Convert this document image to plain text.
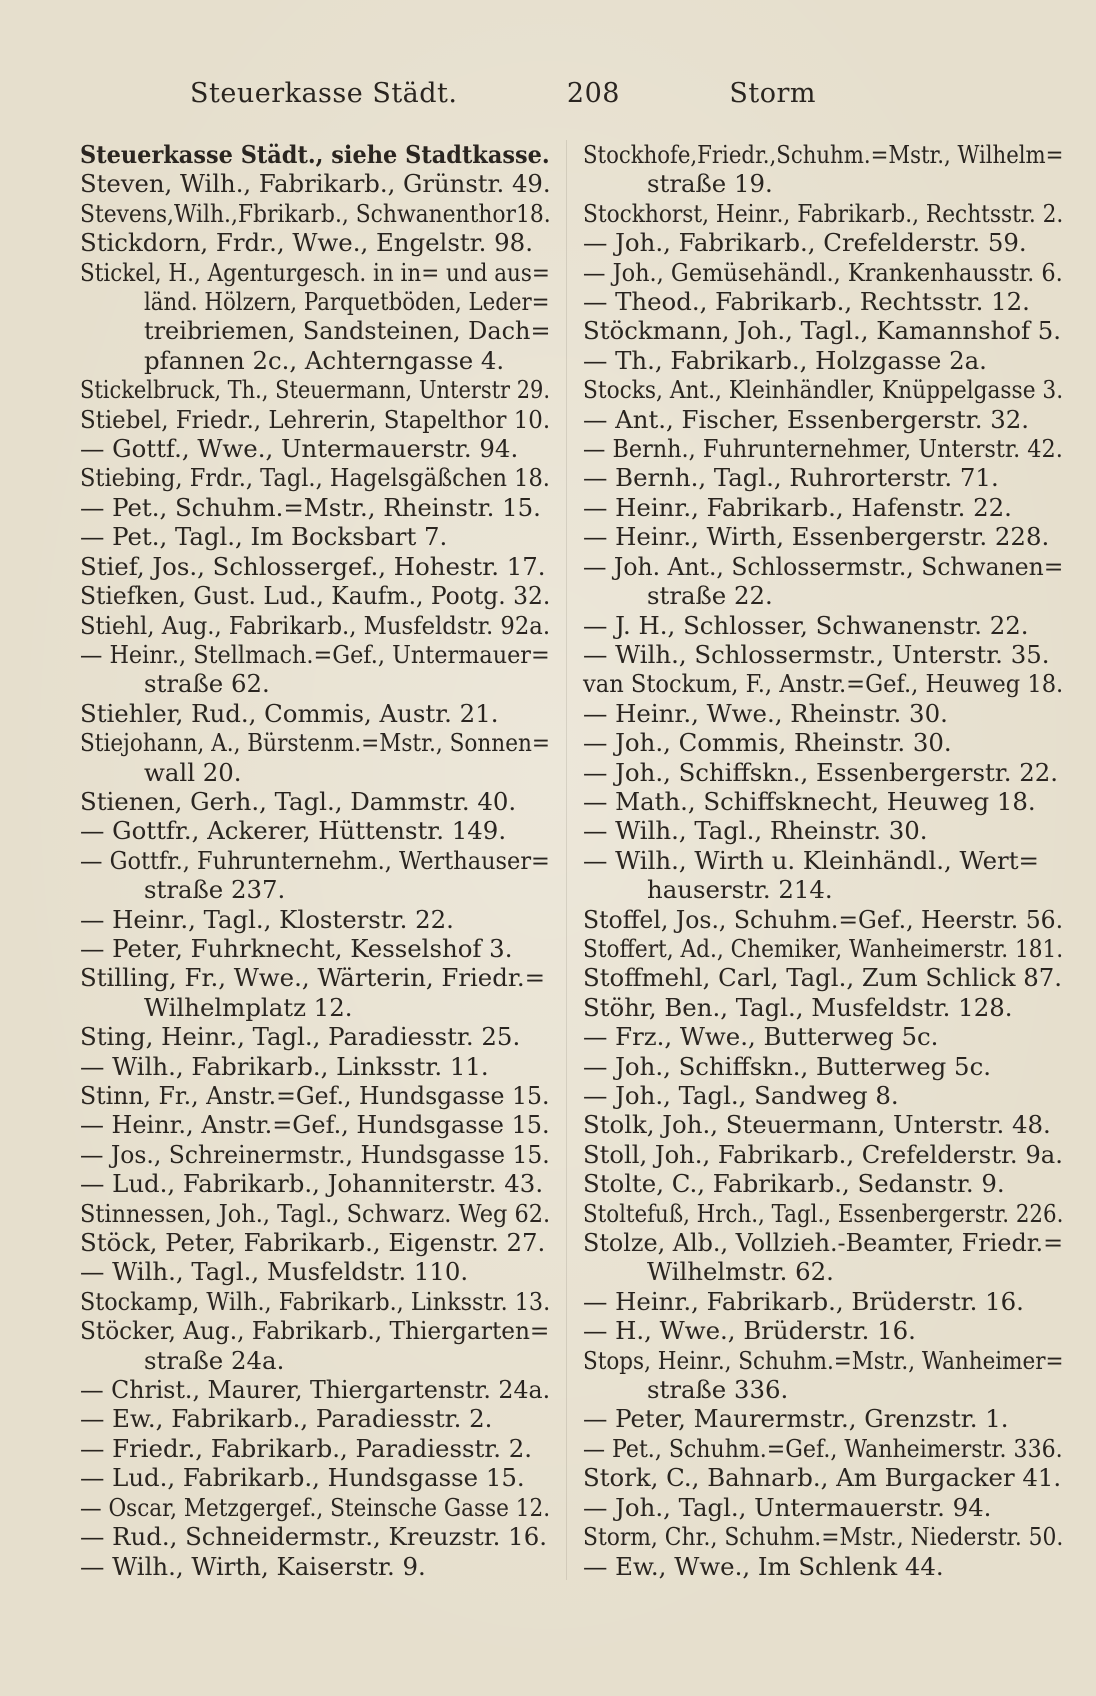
Steuerkasse Städt.	208	Storm
Steuerkasse Städt., siehe Stadtkasse.
Steven, Wilh., Fabrikarb., Grünstr. 49.
Stevens,Wilh.,Fbrikarb., Schwanenthor18.
Stickdorn, Frdr., Wwe., Engelstr. 98.
Stickel, H., Agenturgesch. in in= und aus=
länd. Hölzern, Parquetböden, Leder=
treibriemen, Sandsteinen, Dach=
pfannen 2c., Achterngasse 4.
Stickelbruck, Th., Steuermann, Unterstr 29.
Stiebel, Friedr., Lehrerin, Stapelthor 10.
— Gottf., Wwe., Untermauerstr. 94.
Stiebing, Frdr., Tagl., Hagelsgäßchen 18.
— Pet., Schuhm.=Mstr., Rheinstr. 15.
— Pet., Tagl., Im Bocksbart 7.
Stief, Jos., Schlossergef., Hohestr. 17.
Stiefken, Gust. Lud., Kaufm., Pootg. 32.
Stiehl, Aug., Fabrikarb., Musfeldstr. 92a.
— Heinr., Stellmach.=Gef., Untermauer=
straße 62.
Stiehler, Rud., Commis, Austr. 21.
Stiejohann, A., Bürstenm.=Mstr., Sonnen=
wall 20.
Stienen, Gerh., Tagl., Dammstr. 40.
— Gottfr., Ackerer, Hüttenstr. 149.
— Gottfr., Fuhrunternehm., Werthauser=
straße 237.
— Heinr., Tagl., Klosterstr. 22.
— Peter, Fuhrknecht, Kesselshof 3.
Stilling, Fr., Wwe., Wärterin, Friedr.=
Wilhelmplatz 12.
Sting, Heinr., Tagl., Paradiesstr. 25.
— Wilh., Fabrikarb., Linksstr. 11.
Stinn, Fr., Anstr.=Gef., Hundsgasse 15.
— Heinr., Anstr.=Gef., Hundsgasse 15.
— Jos., Schreinermstr., Hundsgasse 15.
— Lud., Fabrikarb., Johanniterstr. 43.
Stinnessen, Joh., Tagl., Schwarz. Weg 62.
Stöck, Peter, Fabrikarb., Eigenstr. 27.
— Wilh., Tagl., Musfeldstr. 110.
Stockamp, Wilh., Fabrikarb., Linksstr. 13.
Stöcker, Aug., Fabrikarb., Thiergarten=
straße 24a.
— Christ., Maurer, Thiergartenstr. 24a.
— Ew., Fabrikarb., Paradiesstr. 2.
— Friedr., Fabrikarb., Paradiesstr. 2.
— Lud., Fabrikarb., Hundsgasse 15.
— Oscar, Metzgergef., Steinsche Gasse 12.
— Rud., Schneidermstr., Kreuzstr. 16.
— Wilh., Wirth, Kaiserstr. 9.
Stockhofe,Friedr.,Schuhm.=Mstr., Wilhelm=
straße 19.
Stockhorst, Heinr., Fabrikarb., Rechtsstr. 2.
— Joh., Fabrikarb., Crefelderstr. 59.
— Joh., Gemüsehändl., Krankenhausstr. 6.
— Theod., Fabrikarb., Rechtsstr. 12.
Stöckmann, Joh., Tagl., Kamannshof 5.
— Th., Fabrikarb., Holzgasse 2a.
Stocks, Ant., Kleinhändler, Knüppelgasse 3.
— Ant., Fischer, Essenbergerstr. 32.
— Bernh., Fuhrunternehmer, Unterstr. 42.
— Bernh., Tagl., Ruhrorterstr. 71.
— Heinr., Fabrikarb., Hafenstr. 22.
— Heinr., Wirth, Essenbergerstr. 228.
— Joh. Ant., Schlossermstr., Schwanen=
straße 22.
— J. H., Schlosser, Schwanenstr. 22.
— Wilh., Schlossermstr., Unterstr. 35.
van Stockum, F., Anstr.=Gef., Heuweg 18.
— Heinr., Wwe., Rheinstr. 30.
— Joh., Commis, Rheinstr. 30.
— Joh., Schiffskn., Essenbergerstr. 22.
— Math., Schiffsknecht, Heuweg 18.
— Wilh., Tagl., Rheinstr. 30.
— Wilh., Wirth u. Kleinhändl., Wert=
hauserstr. 214.
Stoffel, Jos., Schuhm.=Gef., Heerstr. 56.
Stoffert, Ad., Chemiker, Wanheimerstr. 181.
Stoffmehl, Carl, Tagl., Zum Schlick 87.
Stöhr, Ben., Tagl., Musfeldstr. 128.
— Frz., Wwe., Butterweg 5c.
— Joh., Schiffskn., Butterweg 5c.
— Joh., Tagl., Sandweg 8.
Stolk, Joh., Steuermann, Unterstr. 48.
Stoll, Joh., Fabrikarb., Crefelderstr. 9a.
Stolte, C., Fabrikarb., Sedanstr. 9.
Stoltefuß, Hrch., Tagl., Essenbergerstr. 226.
Stolze, Alb., Vollzieh.-Beamter, Friedr.=
Wilhelmstr. 62.
— Heinr., Fabrikarb., Brüderstr. 16.
— H., Wwe., Brüderstr. 16.
Stops, Heinr., Schuhm.=Mstr., Wanheimer=
straße 336.
— Peter, Maurermstr., Grenzstr. 1.
— Pet., Schuhm.=Gef., Wanheimerstr. 336.
Stork, C., Bahnarb., Am Burgacker 41.
— Joh., Tagl., Untermauerstr. 94.
Storm, Chr., Schuhm.=Mstr., Niederstr. 50.
— Ew., Wwe., Im Schlenk 44.
